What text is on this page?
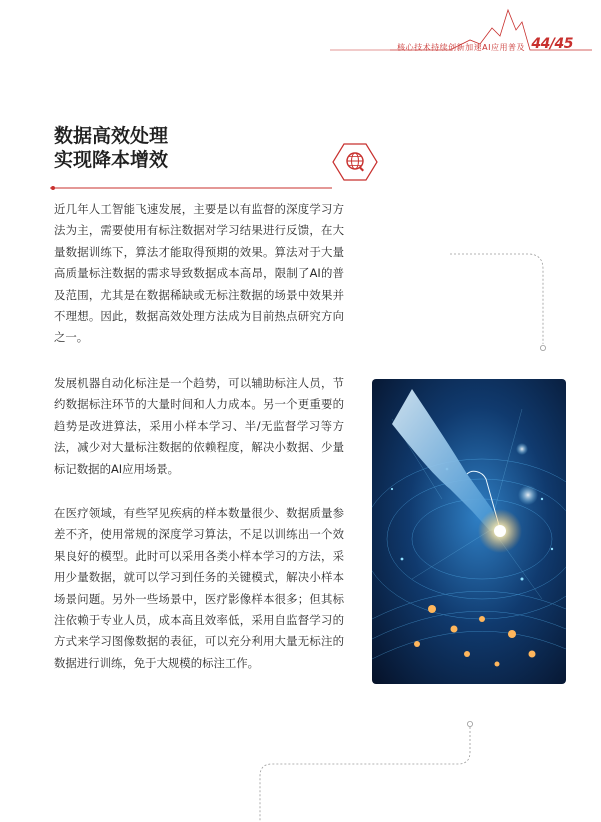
核心技术持续创新加速AI应用普及 44/45
数据高效处理
实现降本增效

近几年人工智能飞速发展，主要是以有监督的深度学习方法为主，需要使用有标注数据对学习结果进行反馈，在大量数据训练下，算法才能取得预期的效果。算法对于大量高质量标注数据的需求导致数据成本高昂，限制了AI的普及范围，尤其是在数据稀缺或无标注数据的场景中效果并不理想。因此，数据高效处理方法成为目前热点研究方向之一。

发展机器自动化标注是一个趋势，可以辅助标注人员，节约数据标注环节的大量时间和人力成本。另一个更重要的趋势是改进算法，采用小样本学习、半/无监督学习等方法，减少对大量标注数据的依赖程度，解决小数据、少量标记数据的AI应用场景。

在医疗领域，有些罕见疾病的样本数量很少、数据质量参差不齐，使用常规的深度学习算法，不足以训练出一个效果良好的模型。此时可以采用各类小样本学习的方法，采用少量数据，就可以学习到任务的关键模式，解决小样本场景问题。另外一些场景中，医疗影像样本很多；但其标注依赖于专业人员，成本高且效率低，采用自监督学习的方式来学习图像数据的表征，可以充分利用大量无标注的数据进行训练，免于大规模的标注工作。
